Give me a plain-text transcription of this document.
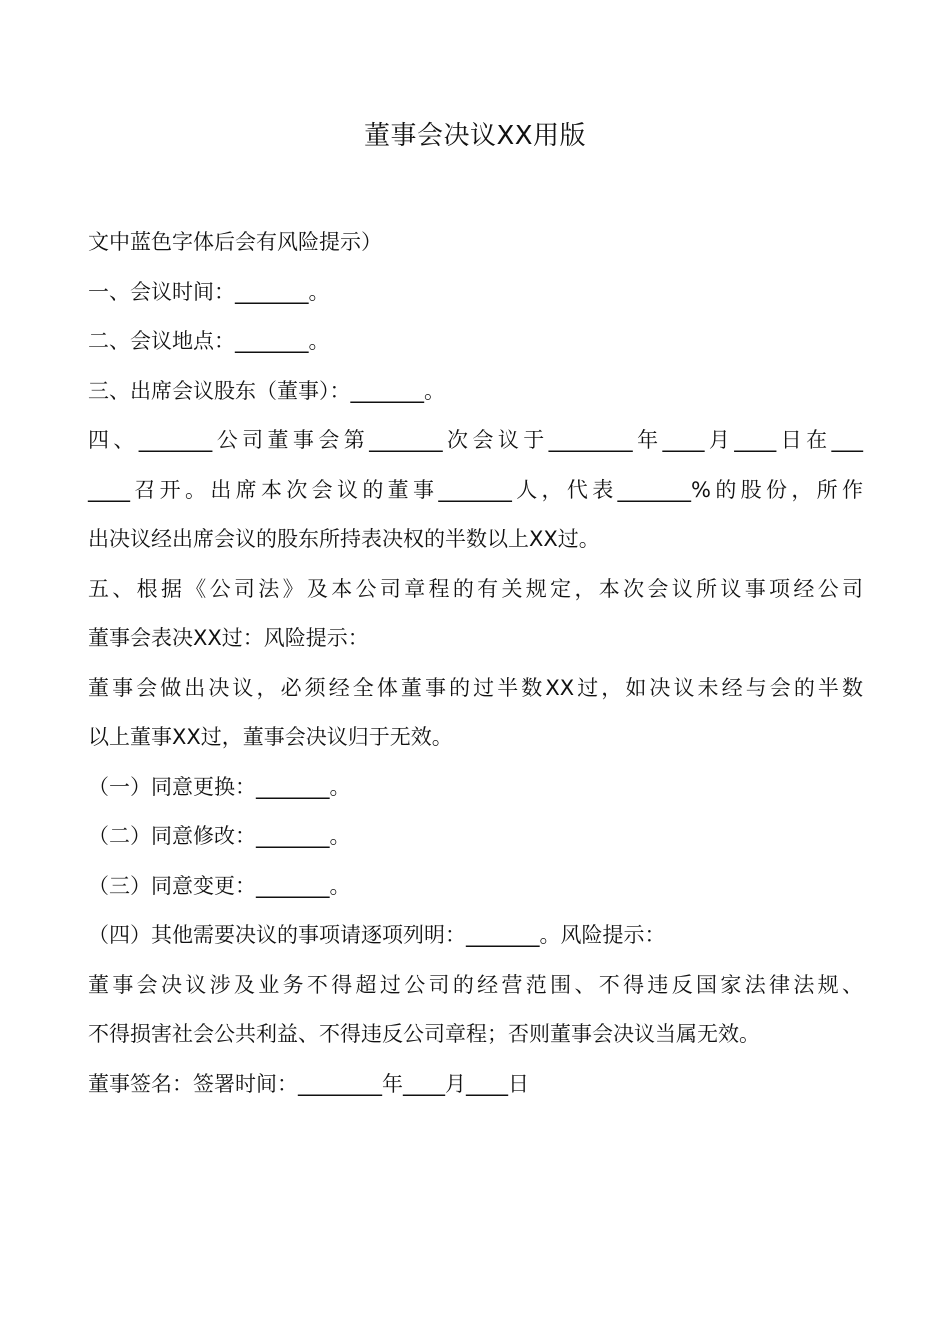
董事会决议XX用版

文中蓝色字体后会有风险提示）

一、会议时间：_______。

二、会议地点：_______。

三、出席会议股东（董事）：_______。

四、_______公司董事会第_______次会议于________年____月____日在___

____召开。出席本次会议的董事_______人，代表_______%的股份，所作

出决议经出席会议的股东所持表决权的半数以上XX过。

五、根据《公司法》及本公司章程的有关规定，本次会议所议事项经公司

董事会表决XX过：风险提示：

董事会做出决议，必须经全体董事的过半数XX过，如决议未经与会的半数

以上董事XX过，董事会决议归于无效。

（一）同意更换：_______。

（二）同意修改：_______。

（三）同意变更：_______。

（四）其他需要决议的事项请逐项列明：_______。风险提示：

董事会决议涉及业务不得超过公司的经营范围、不得违反国家法律法规、

不得损害社会公共利益、不得违反公司章程；否则董事会决议当属无效。

董事签名：签署时间：________年____月____日
